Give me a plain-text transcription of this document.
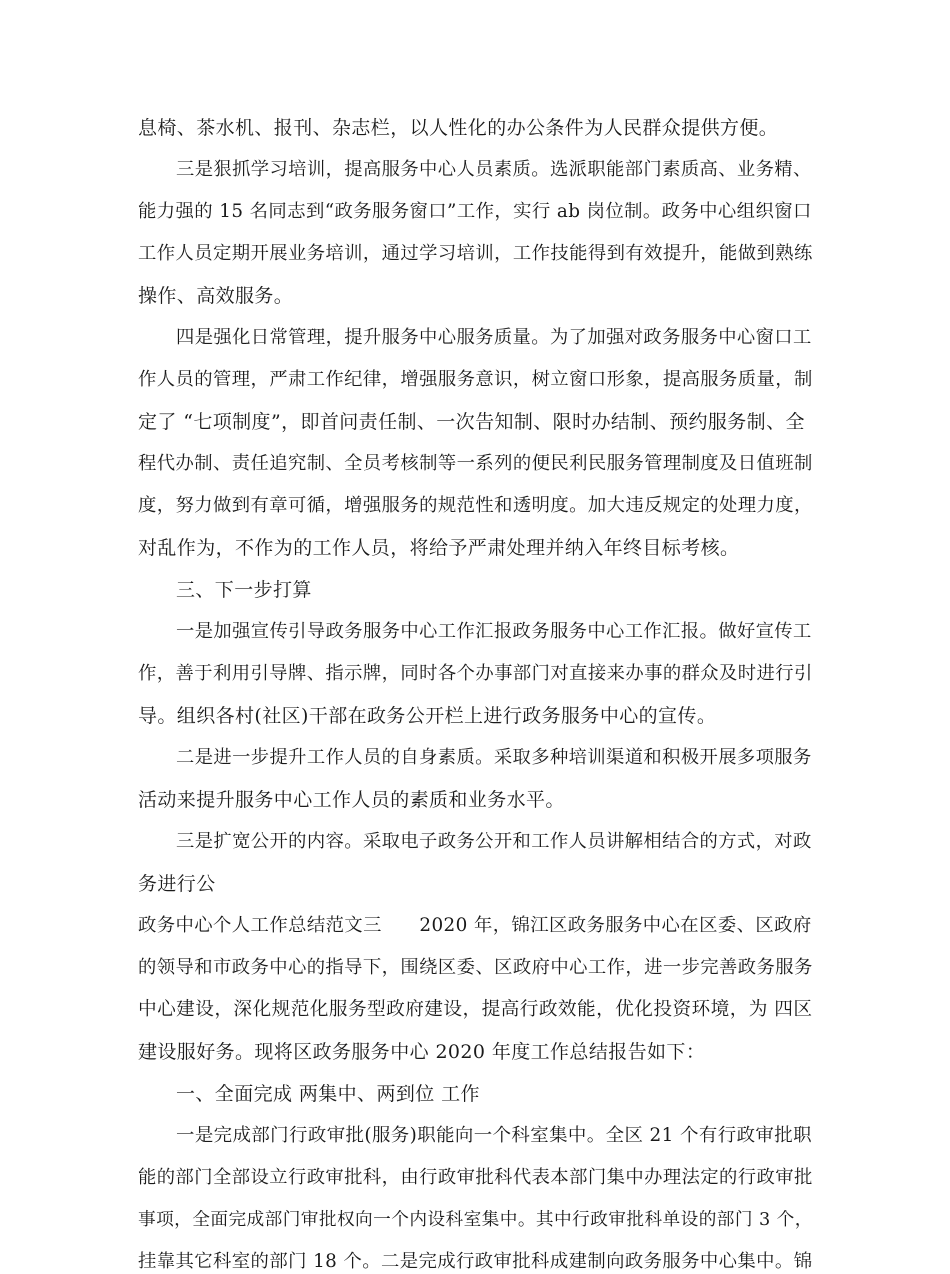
息椅、茶水机、报刊、杂志栏，以人性化的办公条件为人民群众提供方便。

三是狠抓学习培训，提高服务中心人员素质。选派职能部门素质高、业务精、

能力强的 15 名同志到“政务服务窗口”工作，实行 ab 岗位制。政务中心组织窗口

工作人员定期开展业务培训，通过学习培训，工作技能得到有效提升，能做到熟练

操作、高效服务。

四是强化日常管理，提升服务中心服务质量。为了加强对政务服务中心窗口工

作人员的管理，严肃工作纪律，增强服务意识，树立窗口形象，提高服务质量，制

定了 “七项制度”，即首问责任制、一次告知制、限时办结制、预约服务制、全

程代办制、责任追究制、全员考核制等一系列的便民利民服务管理制度及日值班制

度，努力做到有章可循，增强服务的规范性和透明度。加大违反规定的处理力度，

对乱作为，不作为的工作人员，将给予严肃处理并纳入年终目标考核。

三、下一步打算

一是加强宣传引导政务服务中心工作汇报政务服务中心工作汇报。做好宣传工

作，善于利用引导牌、指示牌，同时各个办事部门对直接来办事的群众及时进行引

导。组织各村(社区)干部在政务公开栏上进行政务服务中心的宣传。

二是进一步提升工作人员的自身素质。采取多种培训渠道和积极开展多项服务

活动来提升服务中心工作人员的素质和业务水平。

三是扩宽公开的内容。采取电子政务公开和工作人员讲解相结合的方式，对政

务进行公

政务中心个人工作总结范文三　　2020 年，锦江区政务服务中心在区委、区政府

的领导和市政务中心的指导下，围绕区委、区政府中心工作，进一步完善政务服务

中心建设，深化规范化服务型政府建设，提高行政效能，优化投资环境，为 四区

建设服好务。现将区政务服务中心 2020 年度工作总结报告如下：

一、全面完成 两集中、两到位 工作

一是完成部门行政审批(服务)职能向一个科室集中。全区 21 个有行政审批职

能的部门全部设立行政审批科，由行政审批科代表本部门集中办理法定的行政审批

事项，全面完成部门审批权向一个内设科室集中。其中行政审批科单设的部门 3 个，

挂靠其它科室的部门 18 个。二是完成行政审批科成建制向政务服务中心集中。锦
